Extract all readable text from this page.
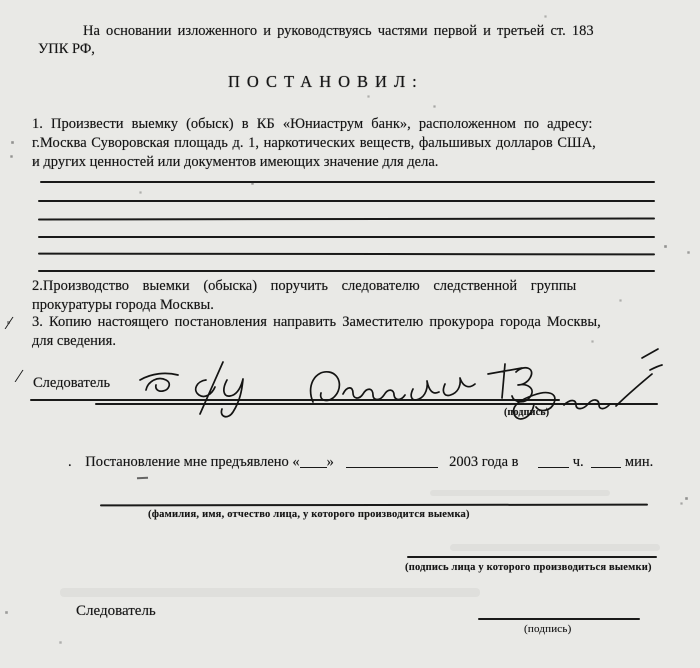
На основании изложенного и руководствуясь частями первой и третьей ст. 183
УПК РФ,
ПОСТАНОВИЛ:
1. Произвести выемку (обыск) в КБ «Юниаструм банк», расположенном по адресу:
г.Москва Суворовская площадь д. 1, наркотических веществ, фальшивых долларов США,
и других ценностей или документов имеющих значение для дела.
2.Производство выемки (обыска) поручить следователю следственной группы
прокуратуры города Москвы.
/ 3. Копию настоящего постановления направить Заместителю прокурора города Москвы,
для сведения.
/ Следователь
(подпись)
. Постановление мне предъявлено « »	2003 года в	ч.	мин.
(фамилия, имя, отчество лица, у которого производится выемка)
(подпись лица у которого производиться выемки)
Следователь
(подпись)
